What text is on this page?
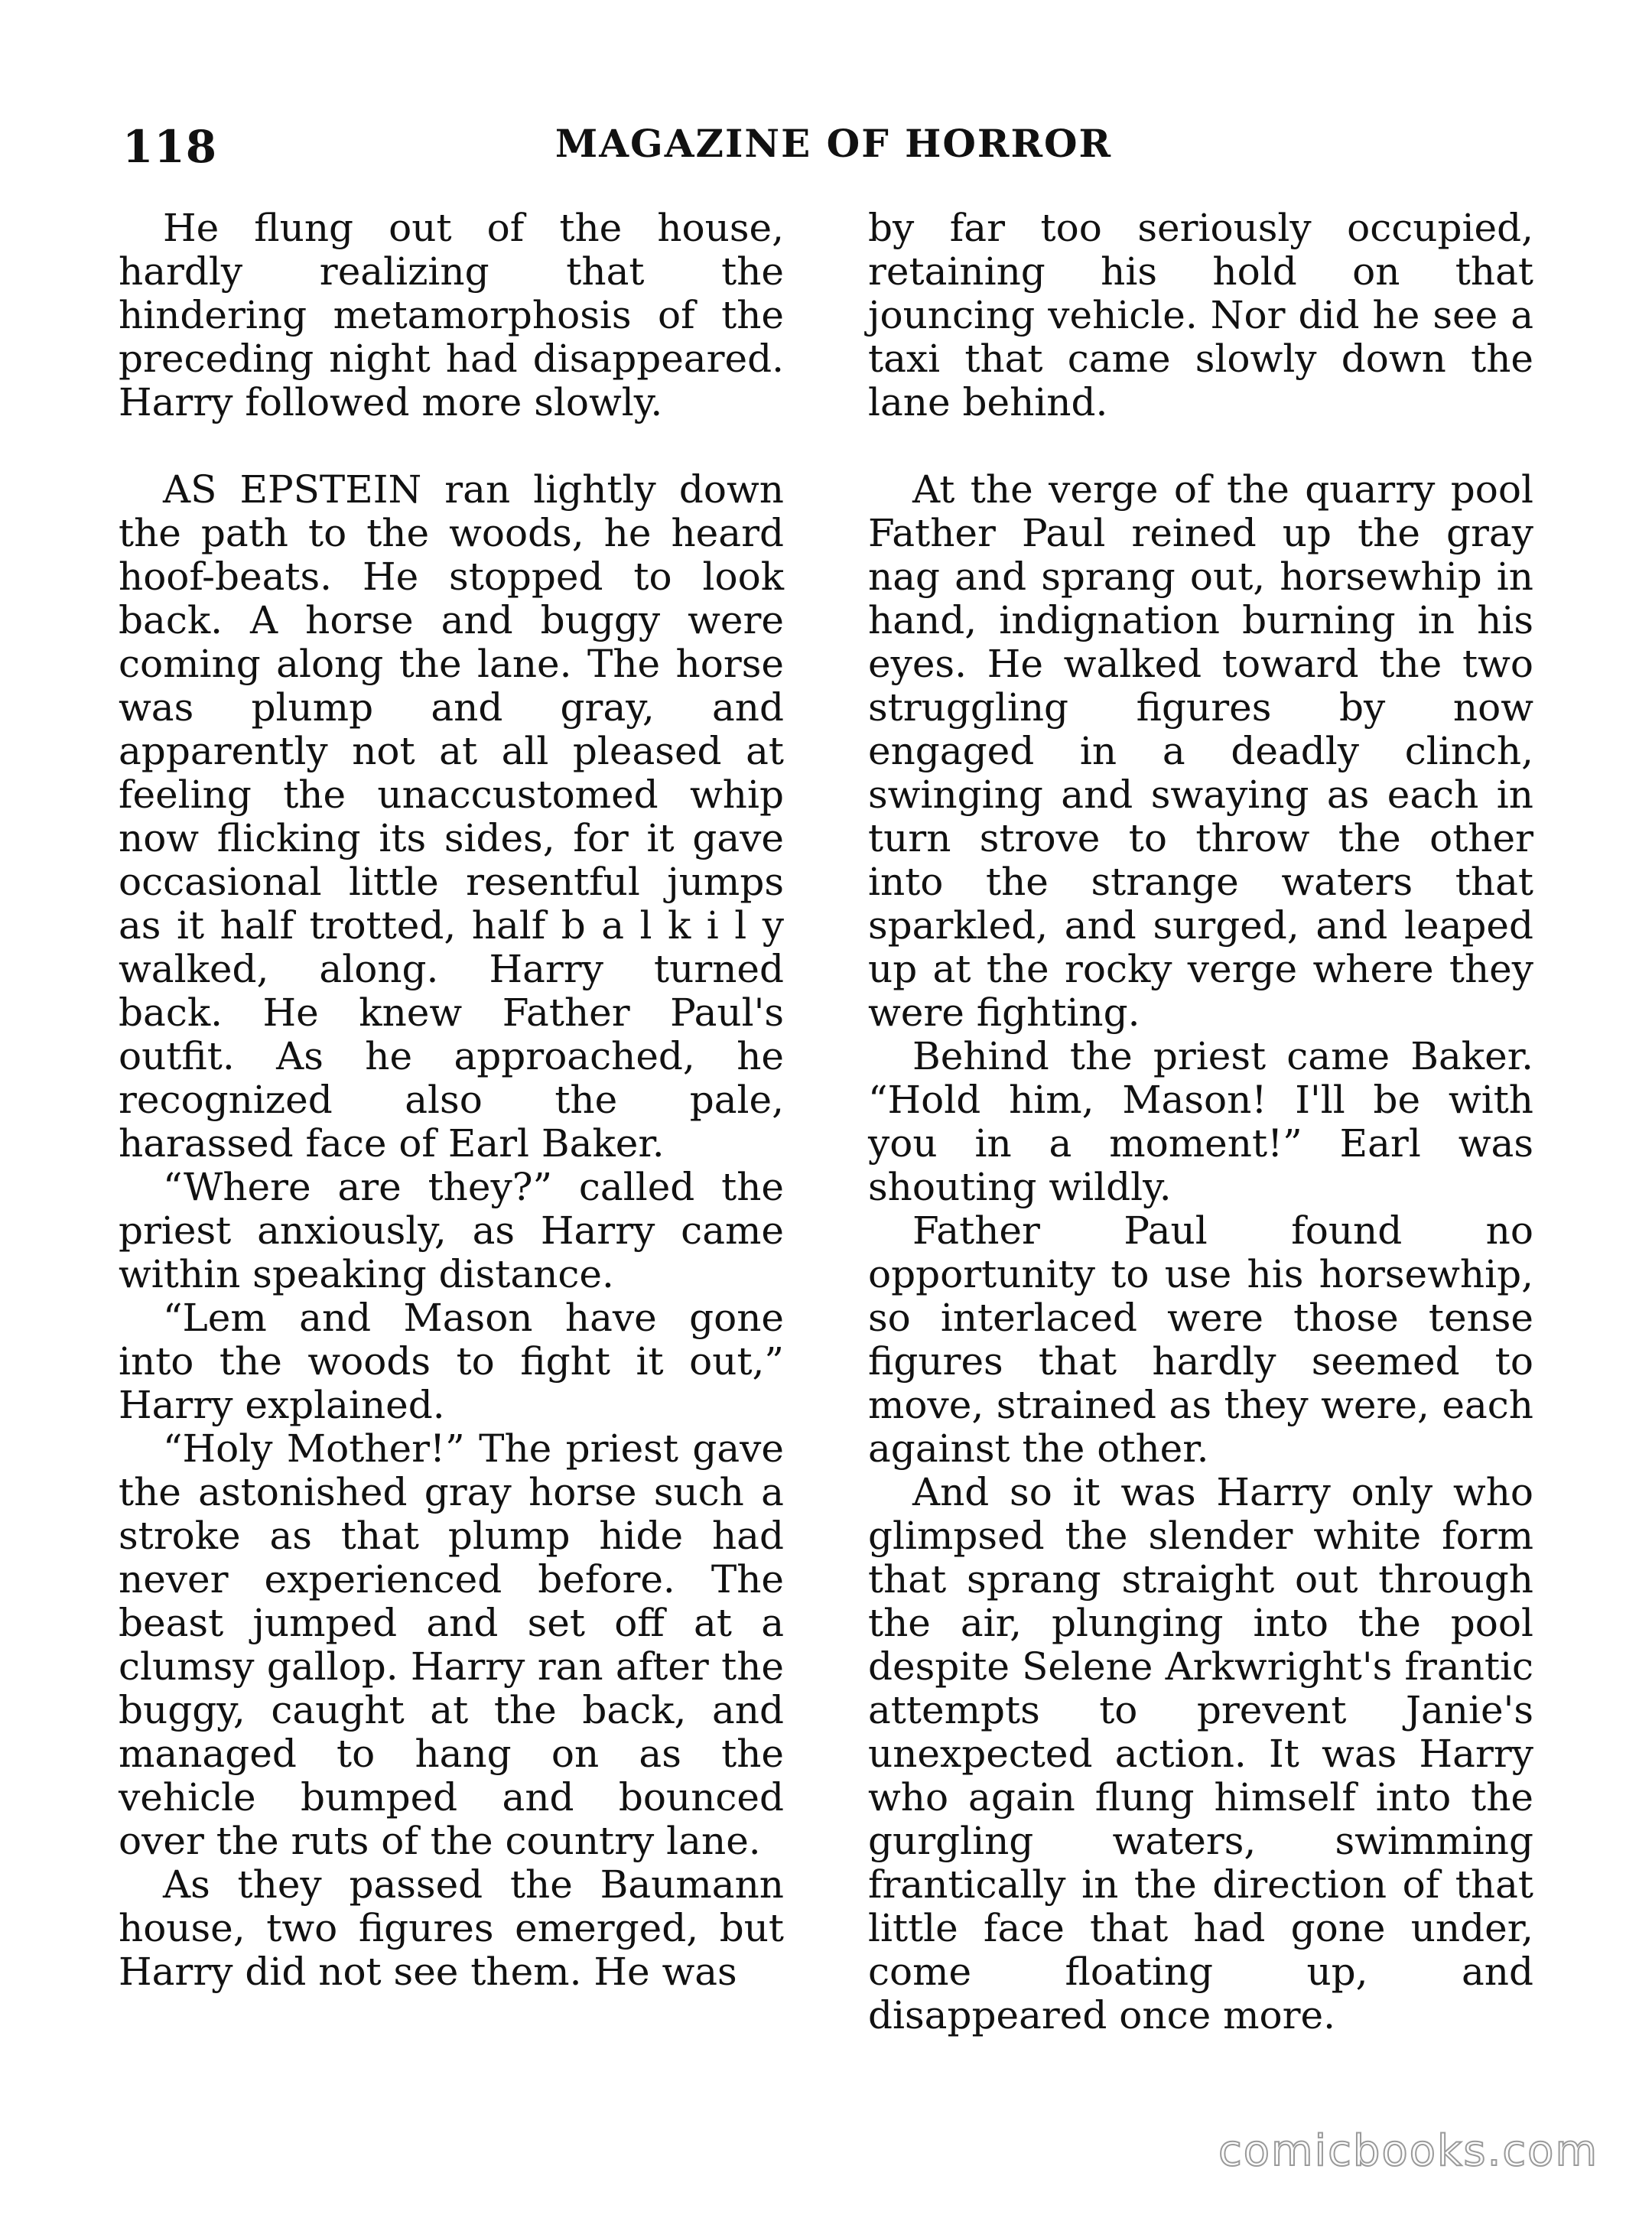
MAGAZINE OF HORROR
118

He flung out of the house, hardly realizing that the hindering metamorphosis of the preceding night had disappeared. Harry followed more slowly.

AS EPSTEIN ran lightly down the path to the woods, he heard hoof-beats. He stopped to look back. A horse and buggy were coming along the lane. The horse was plump and gray, and apparently not at all pleased at feeling the unaccustomed whip now flicking its sides, for it gave occasional little resentful jumps as it half trotted, half b a l k i l y walked, along. Harry turned back. He knew Father Paul's outfit. As he approached, he recognized also the pale, harassed face of Earl Baker.

“Where are they?” called the priest anxiously, as Harry came within speaking distance.

“Lem and Mason have gone into the woods to fight it out,” Harry explained.

“Holy Mother!” The priest gave the astonished gray horse such a stroke as that plump hide had never experienced before. The beast jumped and set off at a clumsy gallop. Harry ran after the buggy, caught at the back, and managed to hang on as the vehicle bumped and bounced over the ruts of the country lane.

As they passed the Baumann house, two figures emerged, but Harry did not see them. He was

by far too seriously occupied, retaining his hold on that jouncing vehicle. Nor did he see a taxi that came slowly down the lane behind.

At the verge of the quarry pool Father Paul reined up the gray nag and sprang out, horsewhip in hand, indignation burning in his eyes. He walked toward the two struggling figures by now engaged in a deadly clinch, swinging and swaying as each in turn strove to throw the other into the strange waters that sparkled, and surged, and leaped up at the rocky verge where they were fighting.

Behind the priest came Baker. “Hold him, Mason! I'll be with you in a moment!” Earl was shouting wildly.

Father Paul found no opportunity to use his horsewhip, so interlaced were those tense figures that hardly seemed to move, strained as they were, each against the other.

And so it was Harry only who glimpsed the slender white form that sprang straight out through the air, plunging into the pool despite Selene Arkwright's frantic attempts to prevent Janie's unexpected action. It was Harry who again flung himself into the gurgling waters, swimming frantically in the direction of that little face that had gone under, come floating up, and disappeared once more.

comicbooks.com
